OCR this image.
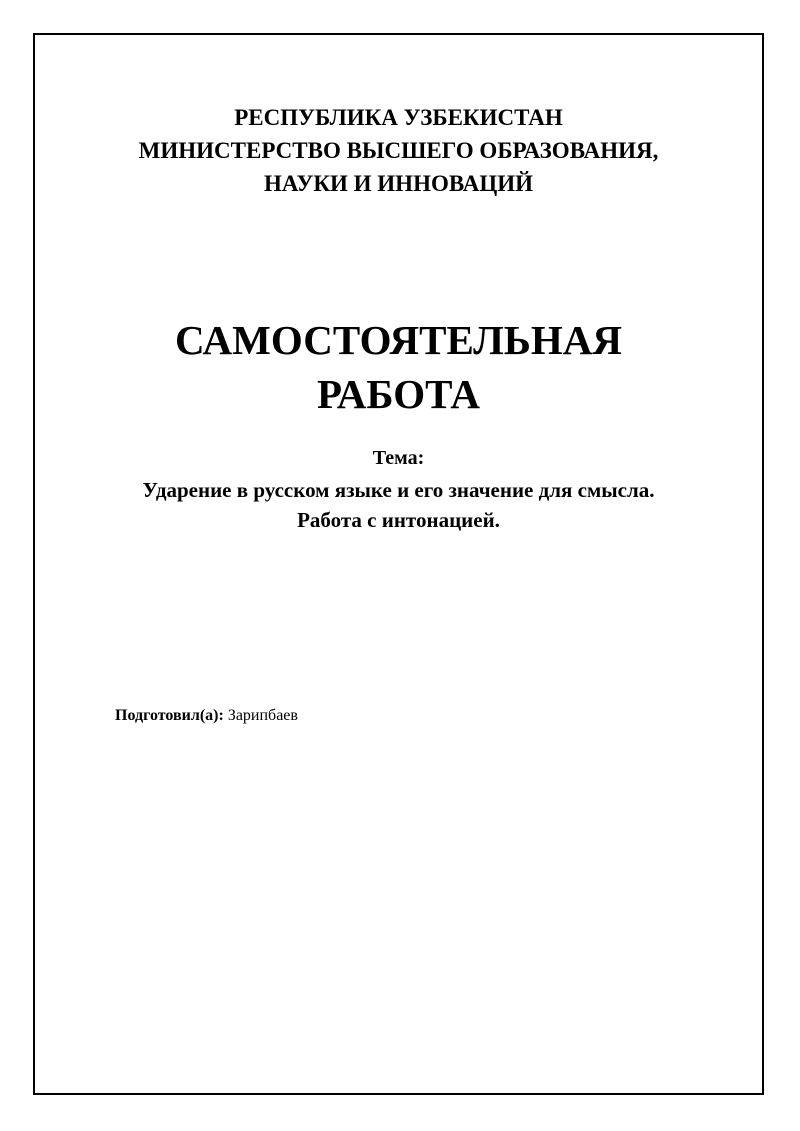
РЕСПУБЛИКА УЗБЕКИСТАН
МИНИСТЕРСТВО ВЫСШЕГО ОБРАЗОВАНИЯ,
НАУКИ И ИННОВАЦИЙ
САМОСТОЯТЕЛЬНАЯ
РАБОТА
Тема:
Ударение в русском языке и его значение для смысла.
Работа с интонацией.
Подготовил(а): Зарипбаев
